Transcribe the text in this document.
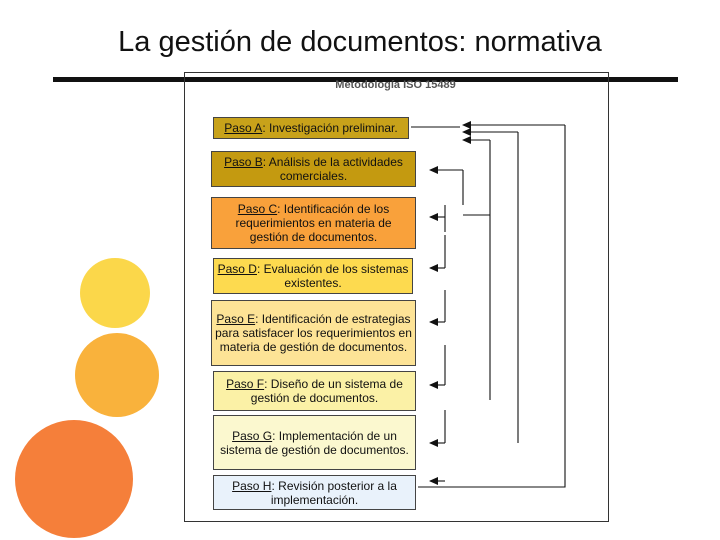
La gestión de documentos: normativa
Metodología ISO 15489
Paso A: Investigación preliminar.
Paso B: Análisis de la actividades comerciales.
Paso C: Identificación de los requerimientos en materia de gestión de documentos.
Paso D: Evaluación de los sistemas existentes.
Paso E: Identificación de estrategias para satisfacer los requerimientos en materia de gestión de documentos.
Paso F: Diseño de un sistema de gestión de documentos.
Paso G: Implementación de un sistema de gestión de documentos.
Paso H: Revisión posterior a la implementación.
